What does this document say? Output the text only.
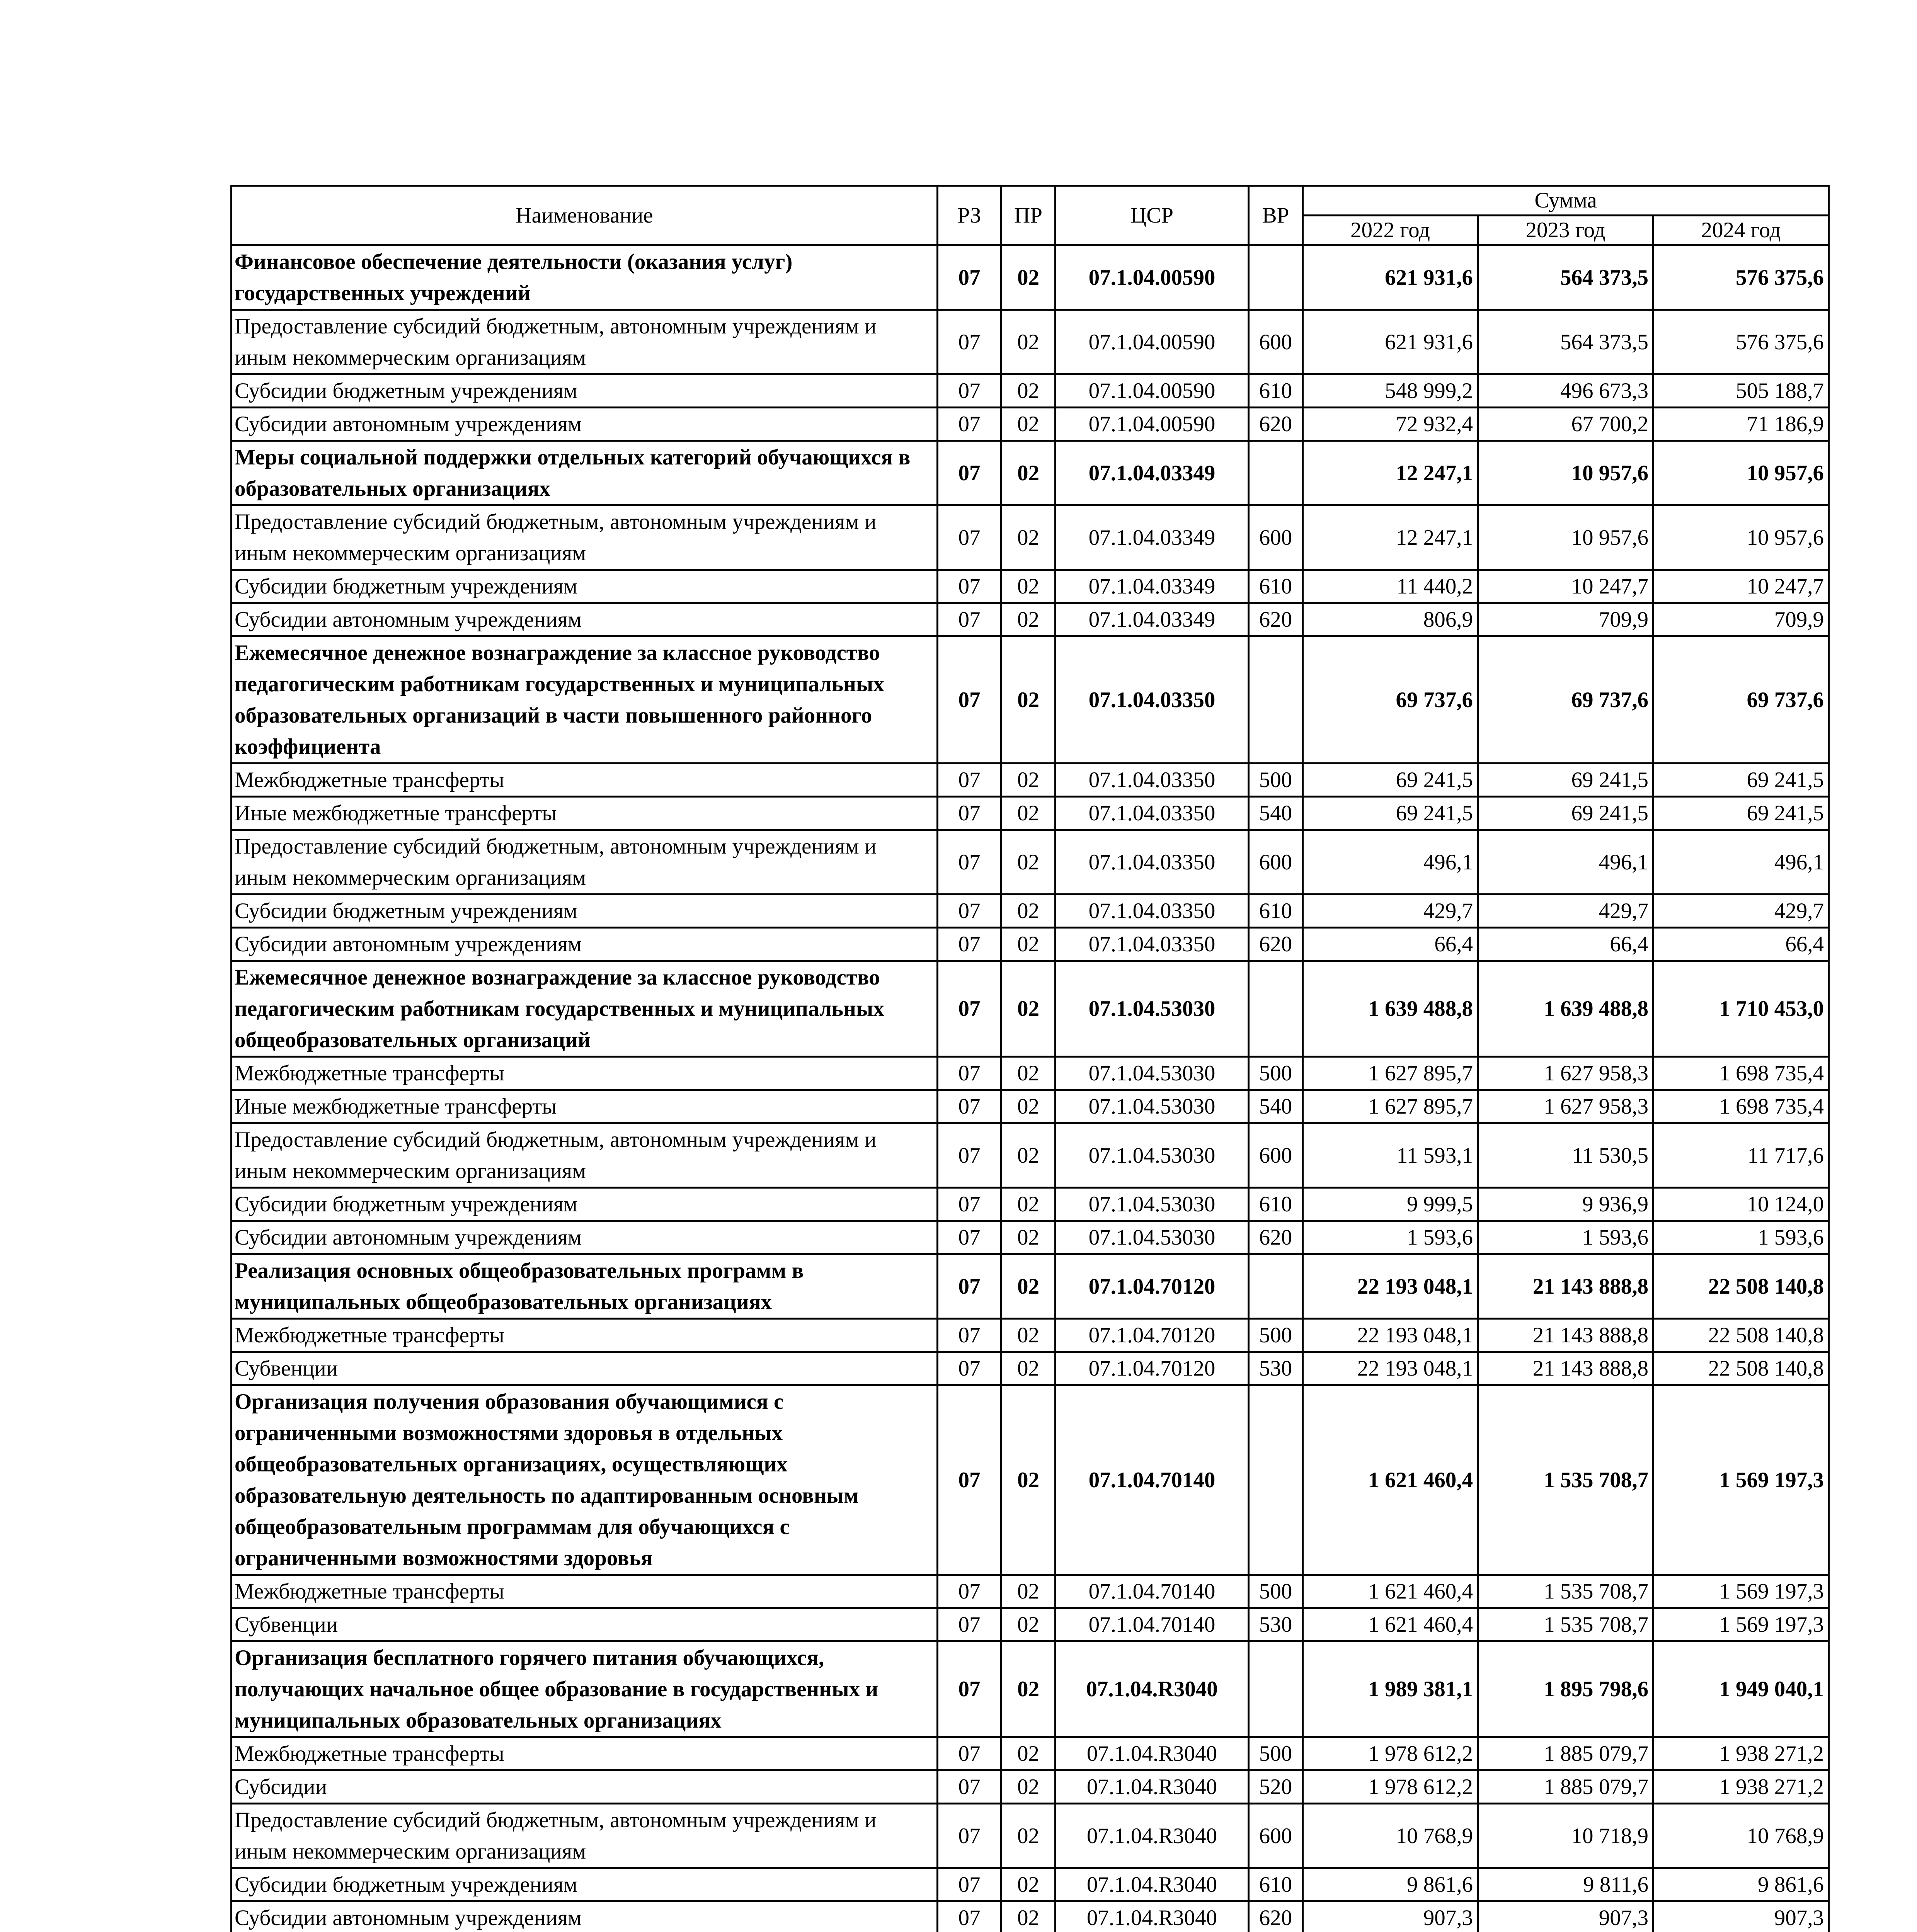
Наименование	РЗ	ПР	ЦСР	ВР	Сумма		
					2022 год	2023 год	2024 год
Финансовое обеспечение деятельности (оказания услуг) государственных учреждений	07	02	07.1.04.00590		621 931,6	564 373,5	576 375,6
Предоставление субсидий бюджетным, автономным учреждениям и иным некоммерческим организациям	07	02	07.1.04.00590	600	621 931,6	564 373,5	576 375,6
Субсидии бюджетным учреждениям	07	02	07.1.04.00590	610	548 999,2	496 673,3	505 188,7
Субсидии автономным учреждениям	07	02	07.1.04.00590	620	72 932,4	67 700,2	71 186,9
Меры социальной поддержки отдельных категорий обучающихся в образовательных организациях	07	02	07.1.04.03349		12 247,1	10 957,6	10 957,6
Предоставление субсидий бюджетным, автономным учреждениям и иным некоммерческим организациям	07	02	07.1.04.03349	600	12 247,1	10 957,6	10 957,6
Субсидии бюджетным учреждениям	07	02	07.1.04.03349	610	11 440,2	10 247,7	10 247,7
Субсидии автономным учреждениям	07	02	07.1.04.03349	620	806,9	709,9	709,9
Ежемесячное денежное вознаграждение за классное руководство педагогическим работникам государственных и муниципальных образовательных организаций в части повышенного районного коэффициента	07	02	07.1.04.03350		69 737,6	69 737,6	69 737,6
Межбюджетные трансферты	07	02	07.1.04.03350	500	69 241,5	69 241,5	69 241,5
Иные межбюджетные трансферты	07	02	07.1.04.03350	540	69 241,5	69 241,5	69 241,5
Предоставление субсидий бюджетным, автономным учреждениям и иным некоммерческим организациям	07	02	07.1.04.03350	600	496,1	496,1	496,1
Субсидии бюджетным учреждениям	07	02	07.1.04.03350	610	429,7	429,7	429,7
Субсидии автономным учреждениям	07	02	07.1.04.03350	620	66,4	66,4	66,4
Ежемесячное денежное вознаграждение за классное руководство педагогическим работникам государственных и муниципальных общеобразовательных организаций	07	02	07.1.04.53030		1 639 488,8	1 639 488,8	1 710 453,0
Межбюджетные трансферты	07	02	07.1.04.53030	500	1 627 895,7	1 627 958,3	1 698 735,4
Иные межбюджетные трансферты	07	02	07.1.04.53030	540	1 627 895,7	1 627 958,3	1 698 735,4
Предоставление субсидий бюджетным, автономным учреждениям и иным некоммерческим организациям	07	02	07.1.04.53030	600	11 593,1	11 530,5	11 717,6
Субсидии бюджетным учреждениям	07	02	07.1.04.53030	610	9 999,5	9 936,9	10 124,0
Субсидии автономным учреждениям	07	02	07.1.04.53030	620	1 593,6	1 593,6	1 593,6
Реализация основных общеобразовательных программ в муниципальных общеобразовательных организациях	07	02	07.1.04.70120		22 193 048,1	21 143 888,8	22 508 140,8
Межбюджетные трансферты	07	02	07.1.04.70120	500	22 193 048,1	21 143 888,8	22 508 140,8
Субвенции	07	02	07.1.04.70120	530	22 193 048,1	21 143 888,8	22 508 140,8
Организация получения образования обучающимися с ограниченными возможностями здоровья в отдельных общеобразовательных организациях, осуществляющих образовательную деятельность по адаптированным основным общеобразовательным программам для обучающихся с ограниченными возможностями здоровья	07	02	07.1.04.70140		1 621 460,4	1 535 708,7	1 569 197,3
Межбюджетные трансферты	07	02	07.1.04.70140	500	1 621 460,4	1 535 708,7	1 569 197,3
Субвенции	07	02	07.1.04.70140	530	1 621 460,4	1 535 708,7	1 569 197,3
Организация бесплатного горячего питания обучающихся, получающих начальное общее образование в государственных и муниципальных образовательных организациях	07	02	07.1.04.R3040		1 989 381,1	1 895 798,6	1 949 040,1
Межбюджетные трансферты	07	02	07.1.04.R3040	500	1 978 612,2	1 885 079,7	1 938 271,2
Субсидии	07	02	07.1.04.R3040	520	1 978 612,2	1 885 079,7	1 938 271,2
Предоставление субсидий бюджетным, автономным учреждениям и иным некоммерческим организациям	07	02	07.1.04.R3040	600	10 768,9	10 718,9	10 768,9
Субсидии бюджетным учреждениям	07	02	07.1.04.R3040	610	9 861,6	9 811,6	9 861,6
Субсидии автономным учреждениям	07	02	07.1.04.R3040	620	907,3	907,3	907,3
